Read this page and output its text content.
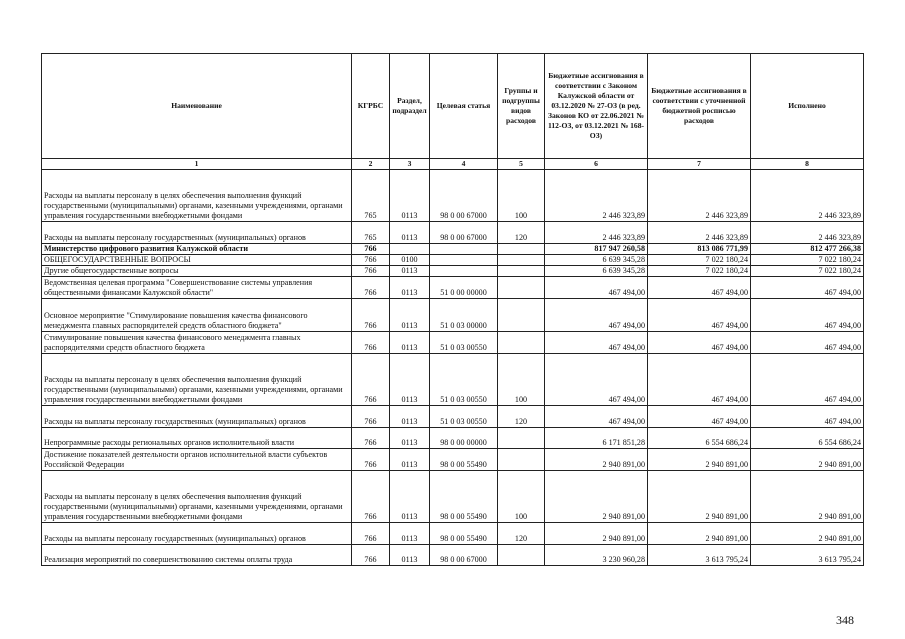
Наименование	КГРБС	Раздел, подраздел	Целевая статья	Группы и подгруппы видов расходов	Бюджетные ассигнования в соответствии с Законом Калужской области от 03.12.2020 № 27-ОЗ (в ред. Законов КО от 22.06.2021 № 112-ОЗ, от 03.12.2021 № 168-ОЗ)	Бюджетные ассигнования в соответствии с уточненной бюджетной росписью расходов	Исполнено
1	2	3	4	5	6	7	8
Расходы на выплаты персоналу в целях обеспечения выполнения функций государственными (муниципальными) органами, казенными учреждениями, органами управления государственными внебюджетными фондами	765	0113	98 0 00 67000	100	2 446 323,89	2 446 323,89	2 446 323,89
Расходы на выплаты персоналу государственных (муниципальных) органов	765	0113	98 0 00 67000	120	2 446 323,89	2 446 323,89	2 446 323,89
Министерство цифрового развития Калужской области	766				817 947 260,58	813 086 771,99	812 477 266,38
ОБЩЕГОСУДАРСТВЕННЫЕ ВОПРОСЫ	766	0100			6 639 345,28	7 022 180,24	7 022 180,24
Другие общегосударственные вопросы	766	0113			6 639 345,28	7 022 180,24	7 022 180,24
Ведомственная целевая программа "Совершенствование системы управления общественными финансами Калужской области"	766	0113	51 0 00 00000		467 494,00	467 494,00	467 494,00
Основное мероприятие "Стимулирование повышения качества финансового менеджмента главных распорядителей средств областного бюджета"	766	0113	51 0 03 00000		467 494,00	467 494,00	467 494,00
Стимулирование повышения качества финансового менеджмента главных распорядителями средств областного бюджета	766	0113	51 0 03 00550		467 494,00	467 494,00	467 494,00
Расходы на выплаты персоналу в целях обеспечения выполнения функций государственными (муниципальными) органами, казенными учреждениями, органами управления государственными внебюджетными фондами	766	0113	51 0 03 00550	100	467 494,00	467 494,00	467 494,00
Расходы на выплаты персоналу государственных (муниципальных) органов	766	0113	51 0 03 00550	120	467 494,00	467 494,00	467 494,00
Непрограммные расходы региональных органов исполнительной власти	766	0113	98 0 00 00000		6 171 851,28	6 554 686,24	6 554 686,24
Достижение показателей деятельности органов исполнительной власти субъектов Российской Федерации	766	0113	98 0 00 55490		2 940 891,00	2 940 891,00	2 940 891,00
Расходы на выплаты персоналу в целях обеспечения выполнения функций государственными (муниципальными) органами, казенными учреждениями, органами управления государственными внебюджетными фондами	766	0113	98 0 00 55490	100	2 940 891,00	2 940 891,00	2 940 891,00
Расходы на выплаты персоналу государственных (муниципальных) органов	766	0113	98 0 00 55490	120	2 940 891,00	2 940 891,00	2 940 891,00
Реализация мероприятий по совершенствованию системы оплаты труда	766	0113	98 0 00 67000		3 230 960,28	3 613 795,24	3 613 795,24
348
